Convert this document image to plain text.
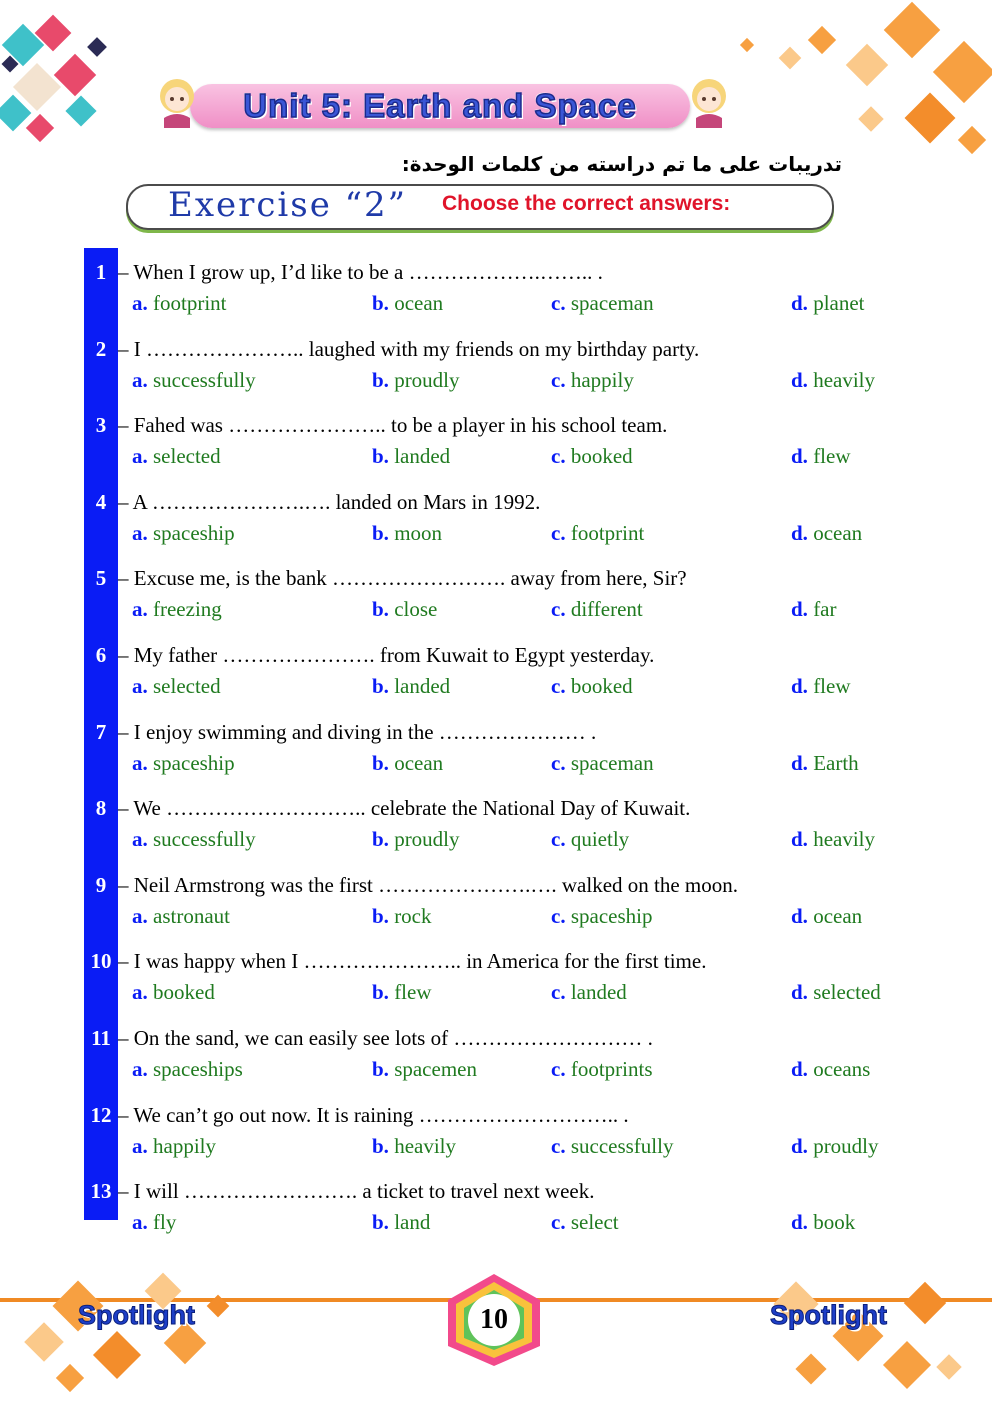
Unit 5: Earth and Space
تدريبات على ما تم دراسته من كلمات الوحدة:
Exercise “2” Choose the correct answers:
1 – When I grow up, I’d like to be a ……………….…….. .
a. footprint	b. ocean	c. spaceman	d. planet
2 – I ………………….. laughed with my friends on my birthday party.
a. successfully	b. proudly	c. happily	d. heavily
3 – Fahed was ………………….. to be a player in his school team.
a. selected	b. landed	c. booked	d. flew
4 – A ………………….…. landed on Mars in 1992.
a. spaceship	b. moon	c. footprint	d. ocean
5 – Excuse me, is the bank ……………………. away from here, Sir?
a. freezing	b. close	c. different	d. far
6 – My father …………………. from Kuwait to Egypt yesterday.
a. selected	b. landed	c. booked	d. flew
7 – I enjoy swimming and diving in the ………………… .
a. spaceship	b. ocean	c. spaceman	d. Earth
8 – We ……………………….. celebrate the National Day of Kuwait.
a. successfully	b. proudly	c. quietly	d. heavily
9 – Neil Armstrong was the first ………………….…. walked on the moon.
a. astronaut	b. rock	c. spaceship	d. ocean
10 – I was happy when I ………………….. in America for the first time.
a. booked	b. flew	c. landed	d. selected
11 – On the sand, we can easily see lots of ……………………… .
a. spaceships	b. spacemen	c. footprints	d. oceans
12 – We can’t go out now. It is raining ……………………….. .
a. happily	b. heavily	c. successfully	d. proudly
13 – I will ……………………. a ticket to travel next week.
a. fly	b. land	c. select	d. book
Spotlight	Spotlight
10
